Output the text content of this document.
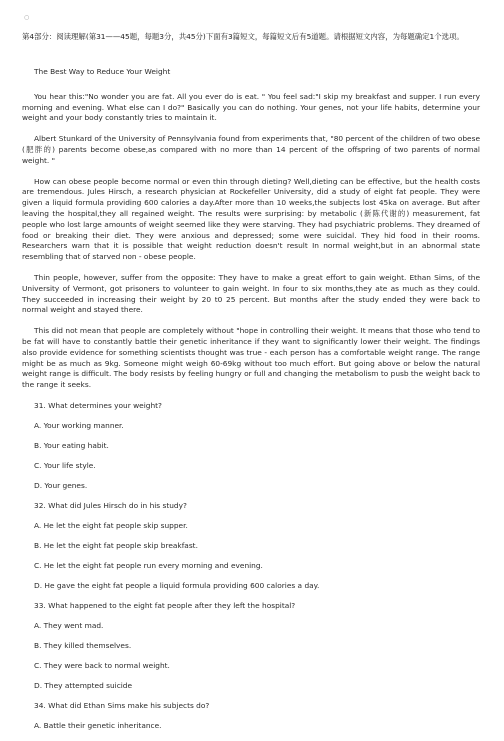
○
第4部分：阅读理解(第31——45题，每题3分，共45分)下面有3篇短文，每篇短文后有5道题。请根据短文内容，为每题确定1个选项。
The Best Way to Reduce Your Weight

You hear this:"No wonder you are fat. All you ever do is eat. " You feel sad:"I skip my breakfast and supper. I run every morning and evening. What else can I do?" Basically you can do nothing. Your genes, not your life habits, determine your weight and your body constantly tries to maintain it.

Albert Stunkard of the University of Pennsylvania found from experiments that, "80 percent of the children of two obese (肥胖的) parents become obese,as compared with no more than 14 percent of the offspring of two parents of normal weight. "

How can obese people become normal or even thin through dieting? Well,dieting can be effective, but the health costs are tremendous. Jules Hirsch, a research physician at Rockefeller University, did a study of eight fat people. They were given a liquid formula providing 600 calories a day.After more than 10 weeks,the subjects lost 45ka on average. But after leaving the hospital,they all regained weight. The results were surprising: by metabolic (新陈代谢的) measurement, fat people who lost large amounts of weight seemed like they were starving. They had psychiatric problems. They dreamed of food or breaking their diet. They were anxious and depressed; some were suicidal. They hid food in their rooms. Researchers warn that it is possible that weight reduction doesn't result In normal weight,but in an abnormal state resembling that of starved non - obese people.

Thin people, however, suffer from the opposite: They have to make a great effort to gain weight. Ethan Sims, of the University of Vermont, got prisoners to volunteer to gain weight. In four to six months,they ate as much as they could. They succeeded in increasing their weight by 20 t0 25 percent. But months after the study ended they were back to normal weight and stayed there.

This did not mean that people are completely without "hope in controlling their weight. It means that those who tend to be fat will have to constantly battle their genetic inheritance if they want to significantly lower their weight. The findings also provide evidence for something scientists thought was true - each person has a comfortable weight range. The range might be as much as 9kg. Someone might weigh 60-69kg without too much effort. But going above or below the natural weight range is difficult. The body resists by feeling hungry or full and changing the metabolism to pusb the weight back to the range it seeks.

31. What determines your weight?
A. Your working manner.
B. Your eating habit.
C. Your life style.
D. Your genes.
32. What did Jules Hirsch do in his study?
A. He let the eight fat people skip supper.
B. He let the eight fat people skip breakfast.
C. He let the eight fat people run every morning and evening.
D. He gave the eight fat people a liquid formula providing 600 calories a day.
33. What happened to the eight fat people after they left the hospital?
A. They went mad.
B. They killed themselves.
C. They were back to normal weight.
D. They attempted suicide
34. What did Ethan Sims make his subjects do?
A. Battle their genetic inheritance.
